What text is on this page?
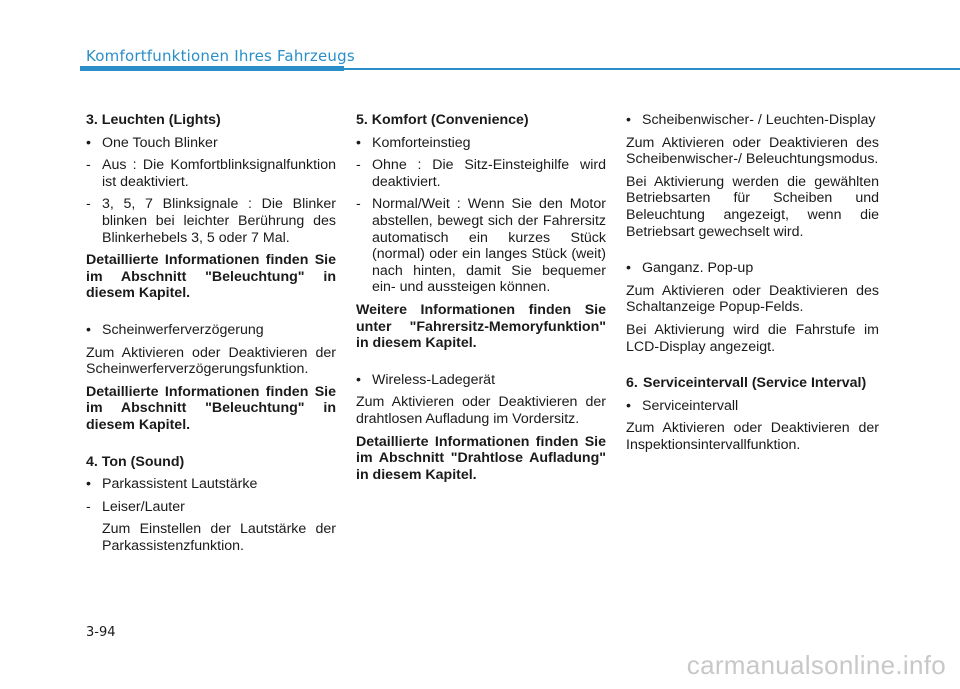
Komfortfunktionen Ihres Fahrzeugs
3. Leuchten (Lights)
• One Touch Blinker
- Aus : Die Komfortblinksignalfunktion ist deaktiviert.
- 3, 5, 7 Blinksignale : Die Blinker blinken bei leichter Berührung des Blinkerhebels 3, 5 oder 7 Mal.
Detaillierte Informationen finden Sie im Abschnitt "Beleuchtung" in diesem Kapitel.
• Scheinwerferverzögerung
Zum Aktivieren oder Deaktivieren der Scheinwerferverzögerungsfunktion.
Detaillierte Informationen finden Sie im Abschnitt "Beleuchtung" in diesem Kapitel.
4. Ton (Sound)
• Parkassistent Lautstärke
- Leiser/Lauter
Zum Einstellen der Lautstärke der Parkassistenzfunktion.
5. Komfort (Convenience)
• Komforteinstieg
- Ohne : Die Sitz-Einsteighilfe wird deaktiviert.
- Normal/Weit : Wenn Sie den Motor abstellen, bewegt sich der Fahrersitz automatisch ein kurzes Stück (normal) oder ein langes Stück (weit) nach hinten, damit Sie bequemer ein- und aussteigen können.
Weitere Informationen finden Sie unter "Fahrersitz-Memoryfunktion" in diesem Kapitel.
• Wireless-Ladegerät
Zum Aktivieren oder Deaktivieren der drahtlosen Aufladung im Vordersitz.
Detaillierte Informationen finden Sie im Abschnitt "Drahtlose Aufladung" in diesem Kapitel.
• Scheibenwischer- / Leuchten-Display
Zum Aktivieren oder Deaktivieren des Scheibenwischer-/ Beleuchtungsmodus.
Bei Aktivierung werden die gewählten Betriebsarten für Scheiben und Beleuchtung angezeigt, wenn die Betriebsart gewechselt wird.
• Ganganz. Pop-up
Zum Aktivieren oder Deaktivieren des Schaltanzeige Popup-Felds.
Bei Aktivierung wird die Fahrstufe im LCD-Display angezeigt.
6. Serviceintervall (Service Interval)
• Serviceintervall
Zum Aktivieren oder Deaktivieren der Inspektionsintervallfunktion.
3-94
carmanualsonline.info
